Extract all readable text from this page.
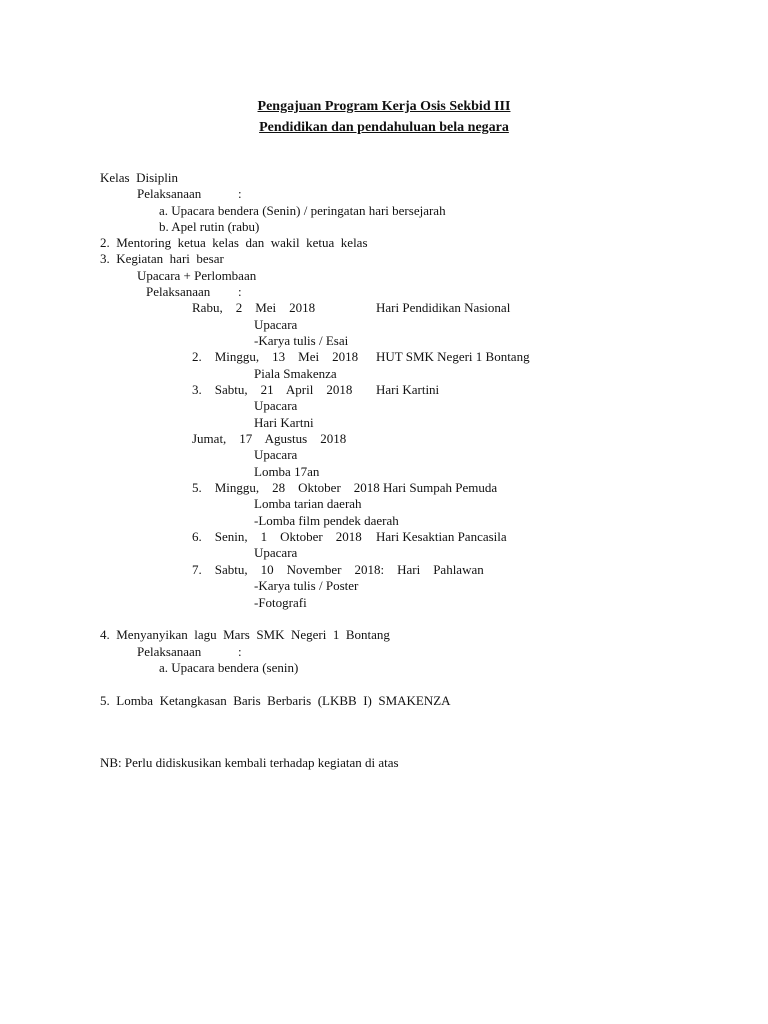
Pengajuan Program Kerja Osis Sekbid III
Pendidikan dan pendahuluan bela negara
Kelas  Disiplin
Pelaksanaan	:
a. Upacara bendera (Senin) / peringatan hari bersejarah
b. Apel rutin (rabu)
2.  Mentoring  ketua  kelas  dan  wakil  ketua  kelas
3.  Kegiatan  hari  besar
Upacara + Perlombaan
Pelaksanaan :
Rabu,    2    Mei    2018	Hari Pendidikan Nasional
Upacara
-Karya tulis / Esai
2.    Minggu,    13    Mei    2018 HUT SMK Negeri 1 Bontang
Piala Smakenza
3.    Sabtu,    21    April    2018 Hari Kartini
Upacara
Hari Kartni
Jumat,    17    Agustus    2018
Upacara
Lomba 17an
5.    Minggu,    28    Oktober    2018 Hari Sumpah Pemuda
Lomba tarian daerah
-Lomba film pendek daerah
6.    Senin,    1    Oktober    2018 Hari Kesaktian Pancasila
Upacara
7.    Sabtu,    10    November    2018:    Hari    Pahlawan
-Karya tulis / Poster
-Fotografi
4.  Menyanyikan  lagu  Mars  SMK  Negeri  1  Bontang
Pelaksanaan	:
a. Upacara bendera (senin)
5.  Lomba  Ketangkasan  Baris  Berbaris  (LKBB  I)  SMAKENZA
NB: Perlu didiskusikan kembali terhadap kegiatan di atas
